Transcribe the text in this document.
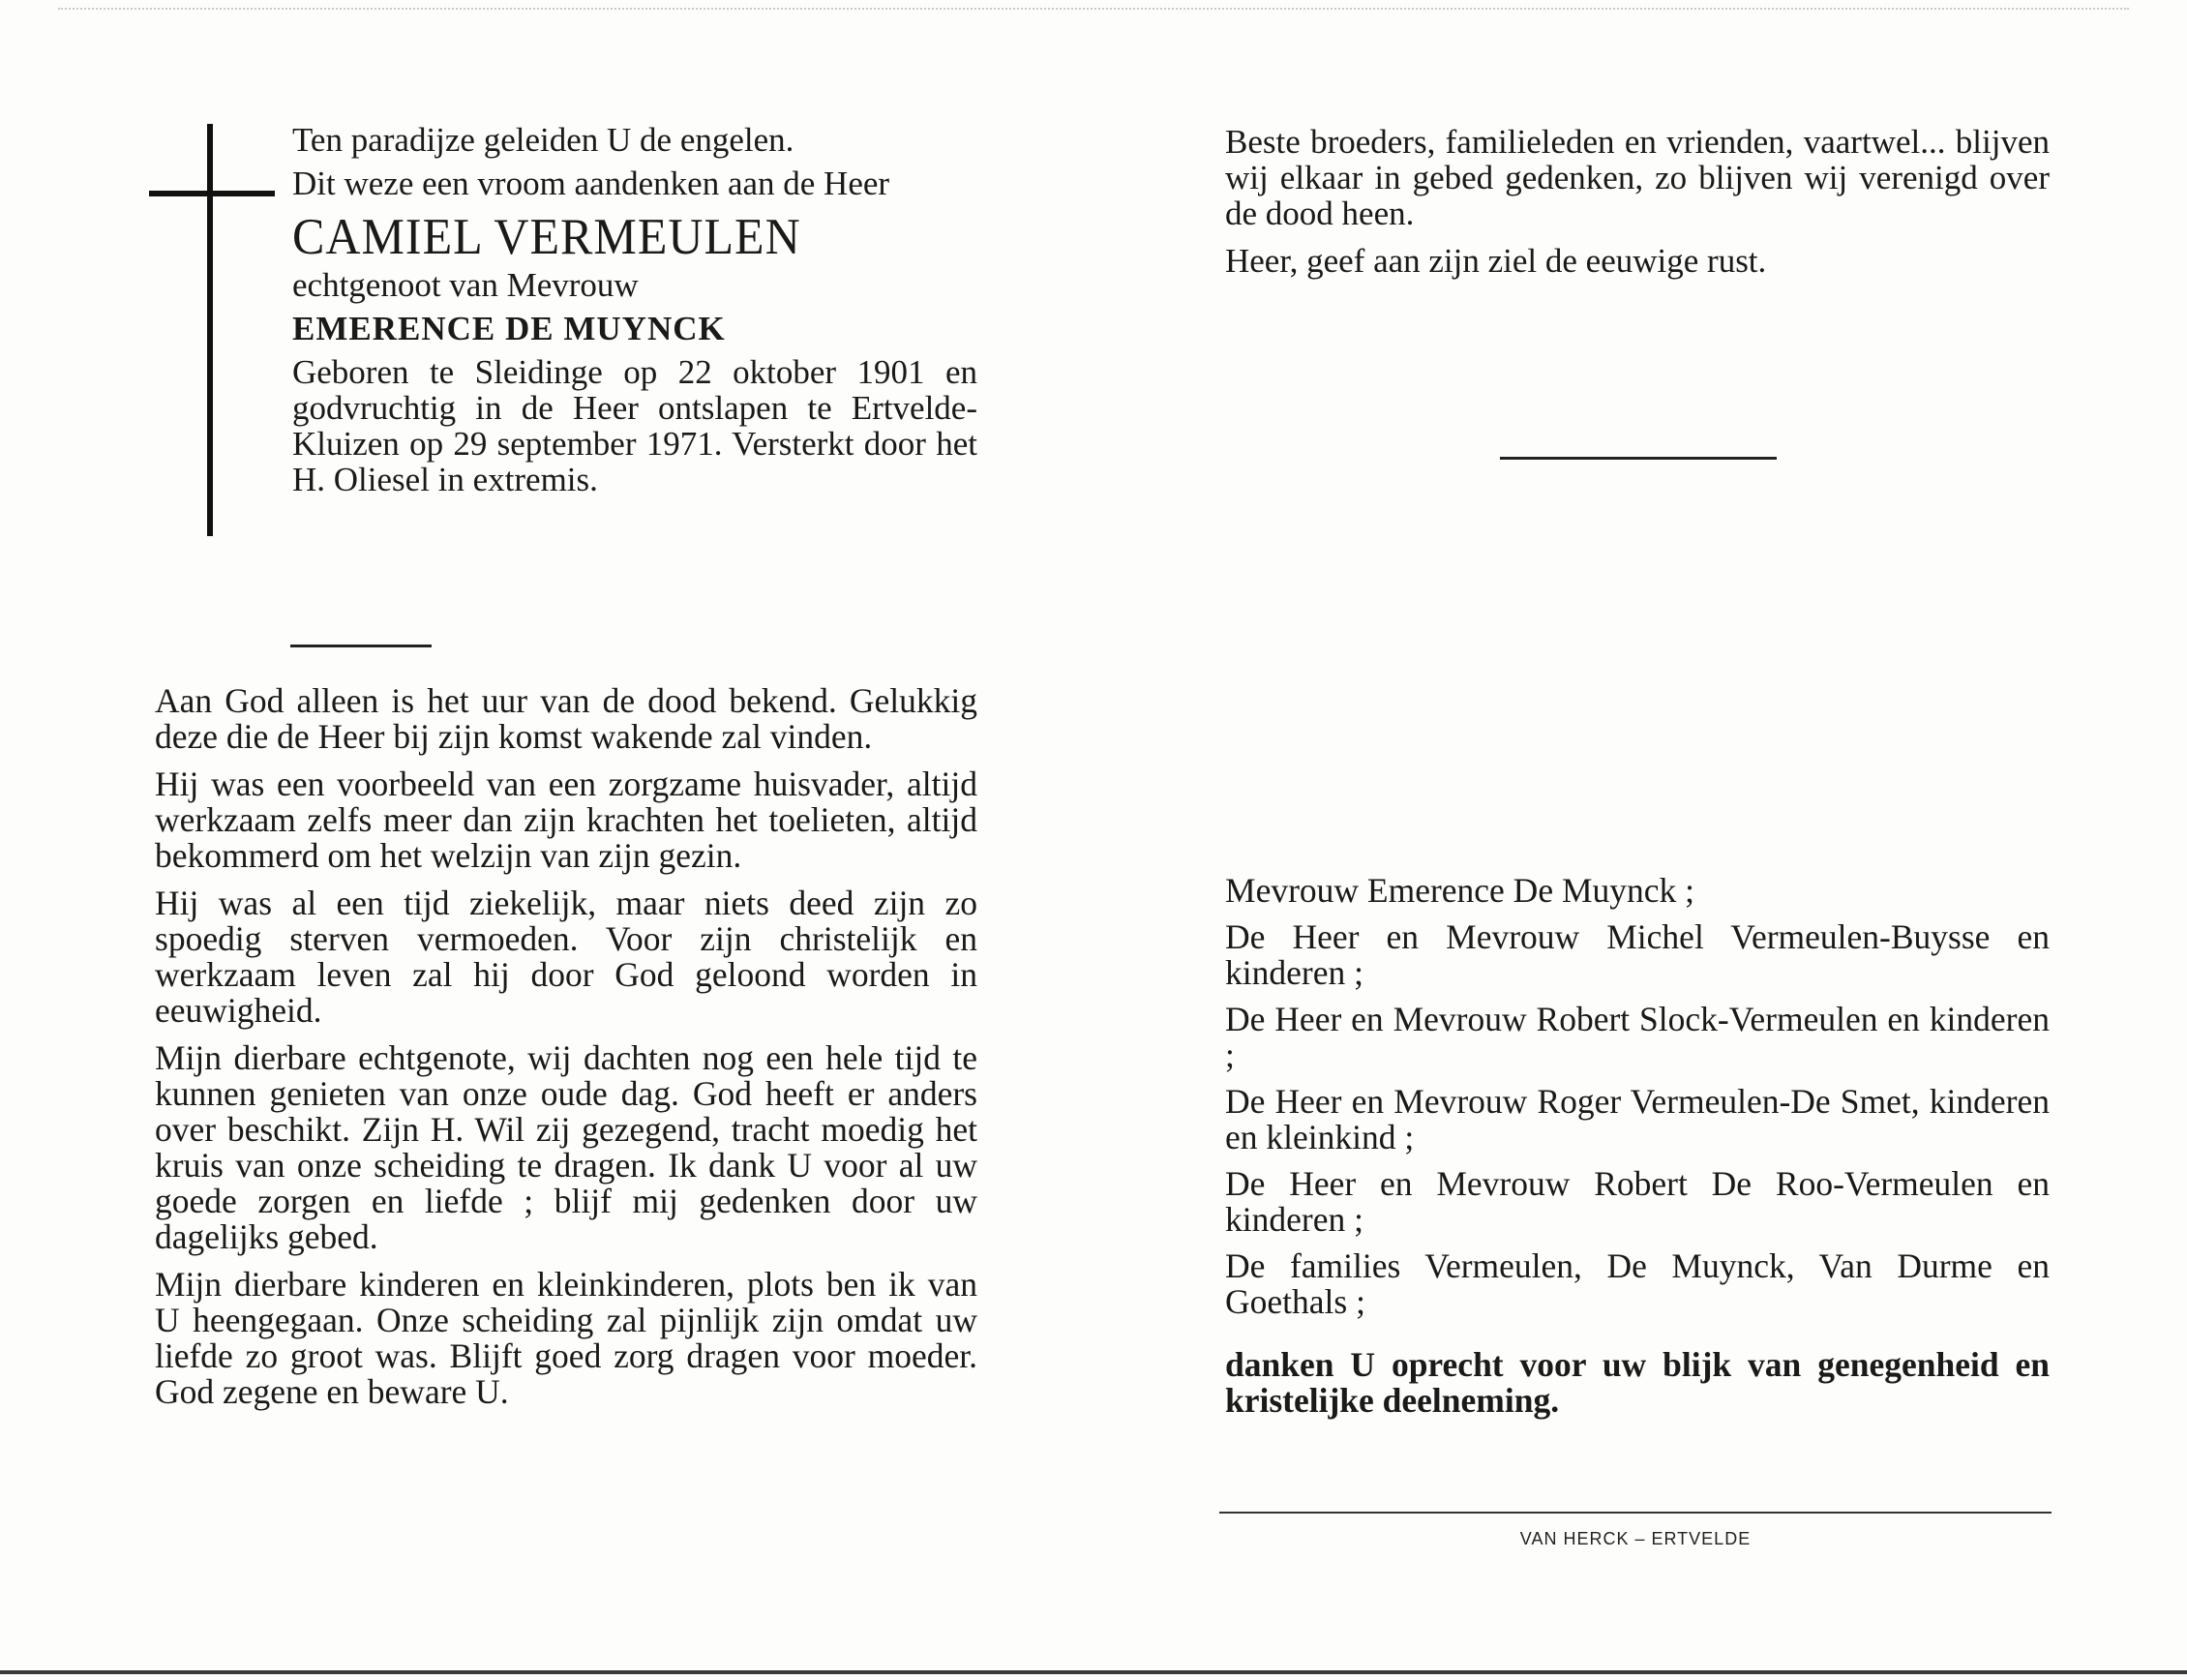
Ten paradijze geleiden U de engelen.

Dit weze een vroom aandenken aan de Heer

CAMIEL VERMEULEN
echtgenoot van Mevrouw
EMERENCE DE MUYNCK

Geboren te Sleidinge op 22 oktober 1901 en godvruchtig in de Heer ontslapen te Ertvelde-Kluizen op 29 september 1971. Versterkt door het H. Oliesel in extremis.

Aan God alleen is het uur van de dood bekend. Gelukkig deze die de Heer bij zijn komst wakende zal vinden.

Hij was een voorbeeld van een zorgzame huisvader, altijd werkzaam zelfs meer dan zijn krachten het toelieten, altijd bekommerd om het welzijn van zijn gezin.

Hij was al een tijd ziekelijk, maar niets deed zijn zo spoedig sterven vermoeden. Voor zijn christelijk en werkzaam leven zal hij door God geloond worden in eeuwigheid.

Mijn dierbare echtgenote, wij dachten nog een hele tijd te kunnen genieten van onze oude dag. God heeft er anders over beschikt. Zijn H. Wil zij gezegend, tracht moedig het kruis van onze scheiding te dragen. Ik dank U voor al uw goede zorgen en liefde ; blijf mij gedenken door uw dagelijks gebed.

Mijn dierbare kinderen en kleinkinderen, plots ben ik van U heengegaan. Onze scheiding zal pijnlijk zijn omdat uw liefde zo groot was. Blijft goed zorg dragen voor moeder. God zegene en beware U.

Beste broeders, familieleden en vrienden, vaartwel... blijven wij elkaar in gebed gedenken, zo blijven wij verenigd over de dood heen.

Heer, geef aan zijn ziel de eeuwige rust.

Mevrouw Emerence De Muynck ;

De Heer en Mevrouw Michel Vermeulen-Buysse en kinderen ;

De Heer en Mevrouw Robert Slock-Vermeulen en kinderen ;

De Heer en Mevrouw Roger Vermeulen-De Smet, kinderen en kleinkind ;

De Heer en Mevrouw Robert De Roo-Vermeulen en kinderen ;

De families Vermeulen, De Muynck, Van Durme en Goethals ;

danken U oprecht voor uw blijk van genegenheid en kristelijke deelneming.

VAN HERCK – ERTVELDE
